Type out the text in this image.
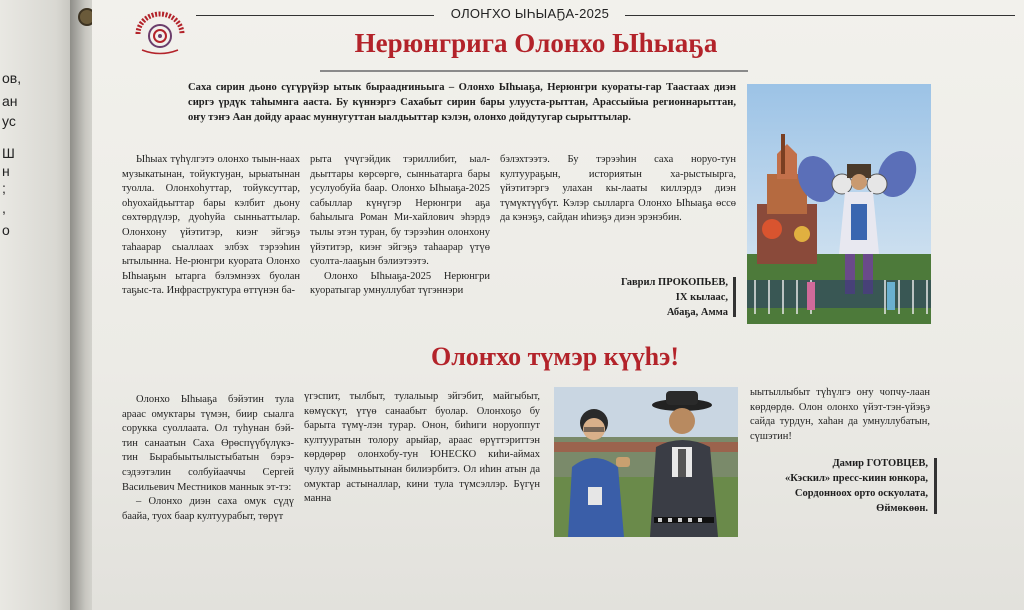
ов,
ан
ус
Ш
н
;
,
о
ОЛОҤХО ЫҺЫАҔА-2025
Нерюнгрига Олонхо Ыһыаҕа
Саха сирин дьоно сүгүрүйэр ытык быраадҥиньыга – Олонхо Ыһыаҕа, Нерюнгри куораты-гар Таастаах диэн сиргэ үрдүк таһымнга ааста. Бу күннэргэ Сахабыт сирин бары улууста-рыттан, Арассыйыа регионнарыттан, оҥу тэҥэ Аан дойду араас муннугуттан ыалдьыттар кэлэн, олонхо дойдутугар сырыттылар.

Ыһыах түһүлгэтэ олонхо тыын-наах музыкатынан, тойуктуӈан, ырыатынан туолла. Олонхоһуттар, тойуксуттар, оһуохайдьыттар бары кэлбит дьону сөхтөрдүлэр, дуоһуйа сынньаттылар. Олонхону үйэтитэр, киэҥ эйгэҕэ таһаарар сыаллаах элбэх тэрээһин ытылынна. Не-рюнгри куората Олонхо Ыһыаҕын ытарга бэлэмнээх буолан таҕыс-та. Инфраструктура өттүнэн ба-

рыта үчүгэйдик тэриллибит, ыал-дьыттары көрсөргө, сынньатарга бары усулуобуйа баар. Олонхо Ыһыаҕа-2025 сабыллар күнүгэр Нерюнгри аҕа баһылыга Роман Ми-хайлович эһэрдэ тылы этэн туран, бу тэрээһин олонхону үйэтитэр, киэҥ эйгэҕэ таһаарар үтүө суолта-лааҕын бэлиэтээтэ.

Олонхо Ыһыаҕа-2025 Нерюнгри куоратыгар умнуллубат түгэннэри

бэлэхтээтэ. Бу тэрээһин саха норуо-тун култуураҕын, историятын ха-рыстыырга, үйэтитэргэ улахан кы-лааты киллэрдэ диэн түмүктүүбүт. Кэлэр сылларга Олонхо Ыһыаҕа өссө да кэнэҕэ, сайдан иһиэҕэ диэн эрэнэбин.

Гаврил ПРОКОПЬЕВ,
IX кылаас,
Абаҕа, Амма
Олоҥхо түмэр күүһэ!

Олонхо Ыһыаҕа бэйэтин тула араас омуктары түмэн, биир сыалга сорукка суоллаата. Ол туһунан бэй-тин санаатын Саха Өрөспүүбүлүкэ-тин Бырабыытылыстыбатын бэрэ-сэдээтэлин солбуйааччы Сергей Васильевич Местников маннык эт-тэ:

– Олонхо диэн саха омук сүдү баайа, туох баар култуурабыт, төрүт

үгэспит, тылбыт, тулалыыр эйгэбит, майгыбыт, көмүскүт, үтүө санаабыт буолар. Олонхоҕо бу барыта түмү-лэн турар. Онон, биһиги норуоппут култууратын толору арыйар, араас өрүттэриттэн көрдөрөр олонхобу-тун ЮНЕСКО киһи-аймах чулуу айымньытынан билиэрбитэ. Ол иһин атын да омуктар астыналлар, кини тула түмсэллэр. Бүгүн манна

ыытыллыбыт түһүлгэ оҥу чопчу-лаан көрдөрдө. Олон олонхо үйэт-тэн-үйэҕэ сайда турдун, хаһан да умнуллубатын, сүшэтин!

Дамир ГОТОВЦЕВ,
«Кэскил» пресс-киин юнкора,
Сордонноох орто оскуолата,
Өймөкөөн.
